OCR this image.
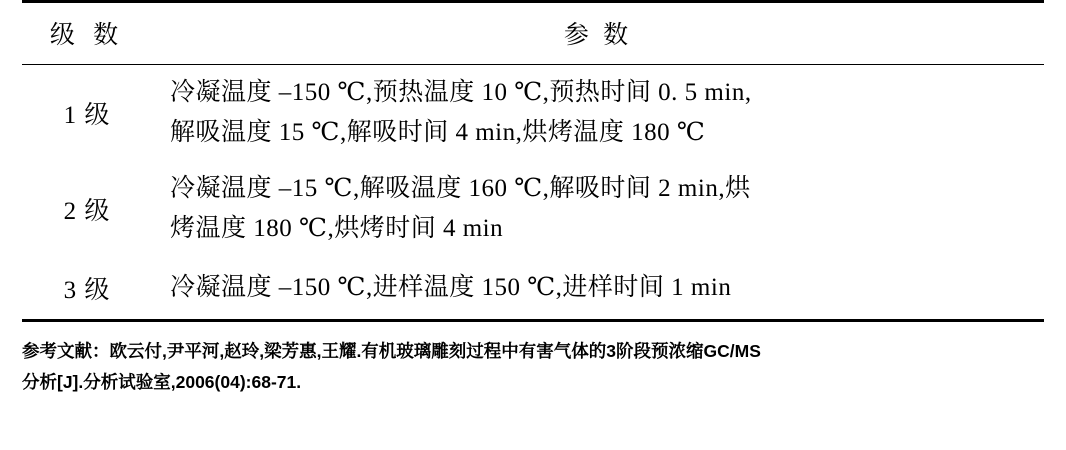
级 数	参 数
1 级	冷凝温度 –150 ℃,预热温度 10 ℃,预热时间 0. 5 min,
解吸温度 15 ℃,解吸时间 4 min,烘烤温度 180 ℃

2 级	冷凝温度 –15 ℃,解吸温度 160 ℃,解吸时间 2 min,烘
烤温度 180 ℃,烘烤时间 4 min

3 级	冷凝温度 –150 ℃,进样温度 150 ℃,进样时间 1 min
参考文献：欧云付,尹平河,赵玲,梁芳惠,王耀.有机玻璃雕刻过程中有害气体的3阶段预浓缩GC/MS
分析[J].分析试验室,2006(04):68-71.
